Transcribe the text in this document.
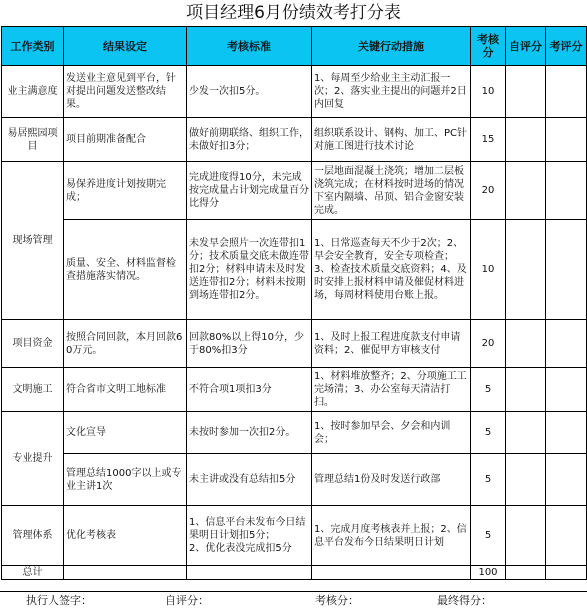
项目经理6月份绩效考打分表
工作类别	结果设定	考核标准	关键行动措施	考核分	自评分	考评分
业主满意度	发送业主意见到平台，针对提出问题发送整改结果。	少发一次扣5分。	1、每周至少给业主主动汇报一次；2、落实业主提出的问题并2日内回复	10		
易居熙园项目	项目前期准备配合	做好前期联络、组织工作，未做好扣3分；	组织联系设计、钢构、加工、PC针对施工图进行技术讨论	15		
现场管理	易保养进度计划按期完成；	完成进度得10分，未完成按完成量占计划完成量百分比得分	一层地面混凝土浇筑；增加二层板浇筑完成；在材料按时进场的情况下室内隔墙、吊顶、铝合金窗安装完成。	20		
	质量、安全、材料监督检查措施落实情况。	未发早会照片一次连带扣1分；技术质量交底未做连带扣2分；材料申请未及时发送连带扣2分；材料未按期到场连带扣2分。	1、日常巡查每天不少于2次；2、早会安全教育，安全专项检查；3、检查技术质量交底资料；4、及时安排上报材料申请及催促材料进场，每周材料使用台账上报。	10		
项目资金	按照合同回款，本月回款60万元。	回款80%以上得10分，少于80%扣3分	1、及时上报工程进度款支付申请资料；2、催促甲方审核支付	20		
文明施工	符合省市文明工地标准	不符合项1项扣3分	1、材料堆放整齐；2、分项施工工完场清；3、办公室每天清洁打扫。	5		
专业提升	文化宣导	未按时参加一次扣2分。	1、按时参加早会、夕会和内训会；	5		
	管理总结1000字以上或专业主讲1次	未主讲或没有总结扣5分	管理总结1份及时发送行政部	5		
管理体系	优化考核表	1、信息平台未发布今日结果明日计划扣5分；　　　2、优化表没完成扣5分	1、完成月度考核表并上报；2、信息平台发布今日结果明日计划	5		
总计				100		
执行人签字：	自评分：	考核分：	最终得分：
